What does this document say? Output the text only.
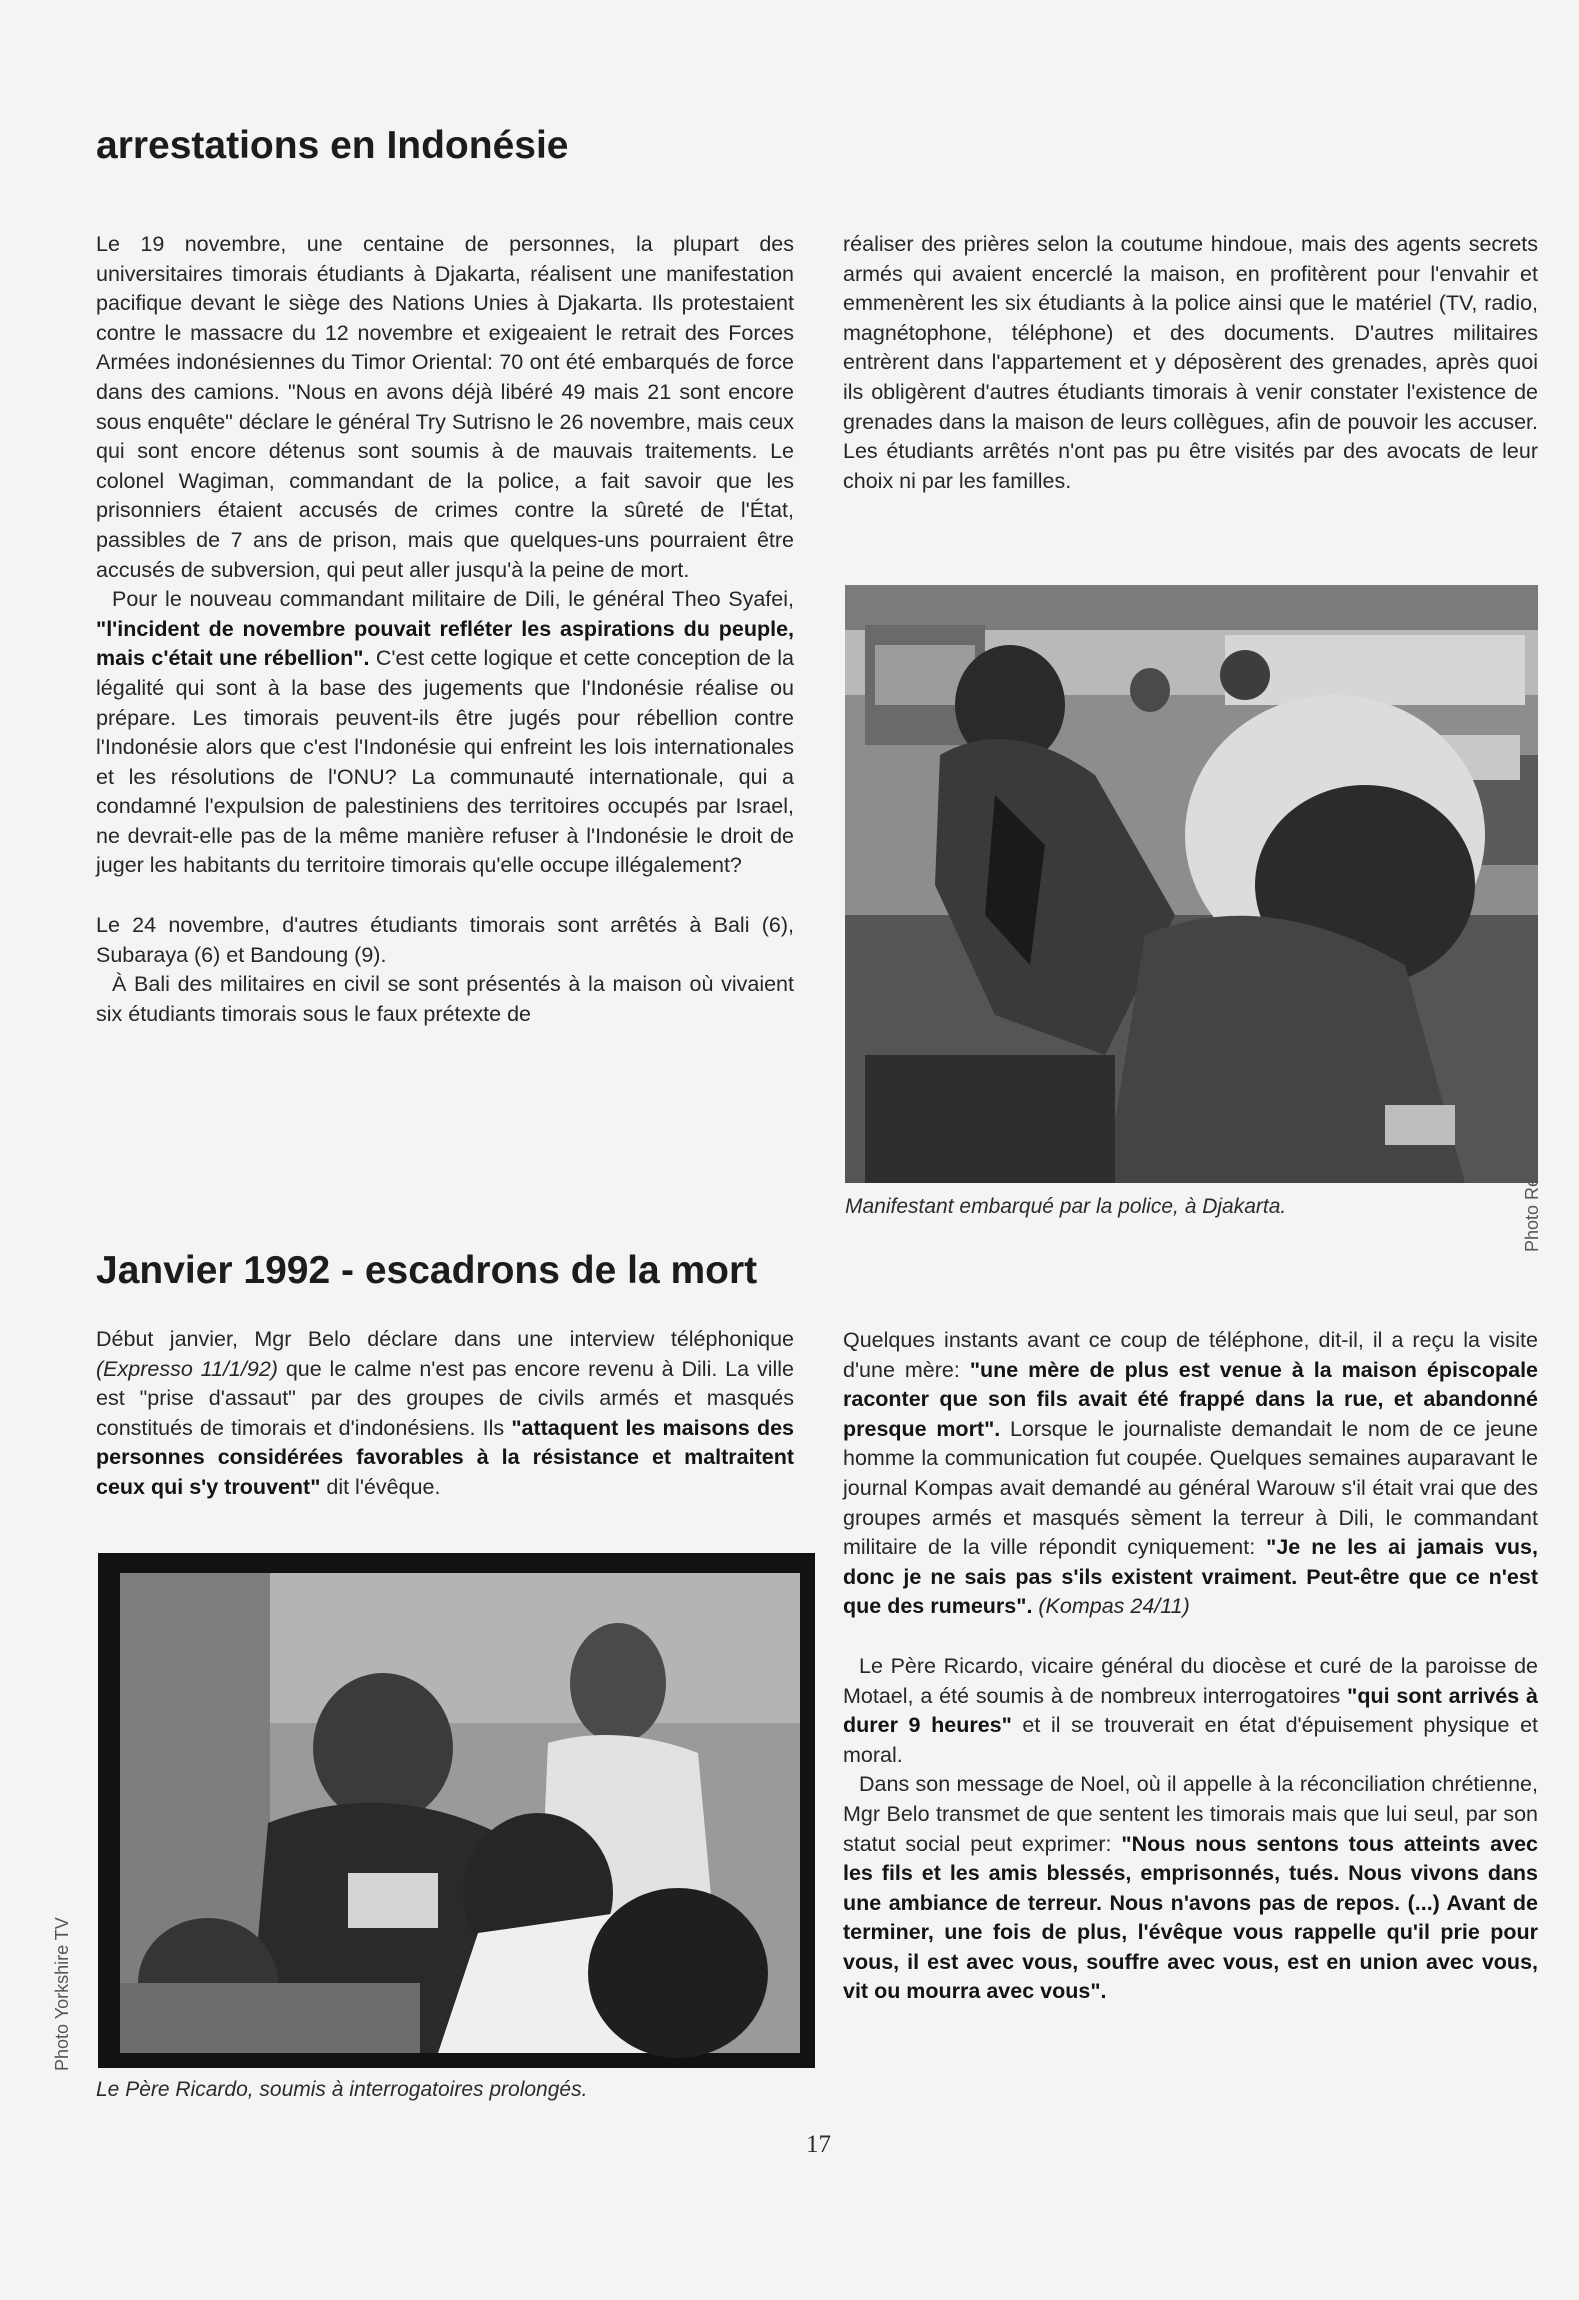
arrestations en Indonésie

Le 19 novembre, une centaine de personnes, la plupart des universitaires timorais étudiants à Djakarta, réalisent une manifestation pacifique devant le siège des Nations Unies à Djakarta. Ils protestaient contre le massacre du 12 novembre et exigeaient le retrait des Forces Armées indonésiennes du Timor Oriental: 70 ont été embarqués de force dans des camions. "Nous en avons déjà libéré 49 mais 21 sont encore sous enquête" déclare le général Try Sutrisno le 26 novembre, mais ceux qui sont encore détenus sont soumis à de mauvais traitements. Le colonel Wagiman, commandant de la police, a fait savoir que les prisonniers étaient accusés de crimes contre la sûreté de l'État, passibles de 7 ans de prison, mais que quelques-uns pourraient être accusés de subversion, qui peut aller jusqu'à la peine de mort.

Pour le nouveau commandant militaire de Dili, le général Theo Syafei, "l'incident de novembre pouvait refléter les aspirations du peuple, mais c'était une rébellion". C'est cette logique et cette conception de la légalité qui sont à la base des jugements que l'Indonésie réalise ou prépare. Les timorais peuvent-ils être jugés pour rébellion contre l'Indonésie alors que c'est l'Indonésie qui enfreint les lois internationales et les résolutions de l'ONU? La communauté internationale, qui a condamné l'expulsion de palestiniens des territoires occupés par Israel, ne devrait-elle pas de la même manière refuser à l'Indonésie le droit de juger les habitants du territoire timorais qu'elle occupe illégalement?

Le 24 novembre, d'autres étudiants timorais sont arrêtés à Bali (6), Subaraya (6) et Bandoung (9).

À Bali des militaires en civil se sont présentés à la maison où vivaient six étudiants timorais sous le faux prétexte de

réaliser des prières selon la coutume hindoue, mais des agents secrets armés qui avaient encerclé la maison, en profitèrent pour l'envahir et emmenèrent les six étudiants à la police ainsi que le matériel (TV, radio, magnétophone, téléphone) et des documents. D'autres militaires entrèrent dans l'appartement et y déposèrent des grenades, après quoi ils obligèrent d'autres étudiants timorais à venir constater l'existence de grenades dans la maison de leurs collègues, afin de pouvoir les accuser. Les étudiants arrêtés n'ont pas pu être visités par des avocats de leur choix ni par les familles.

Photo Reuter
Manifestant embarqué par la police, à Djakarta.
Janvier 1992 - escadrons de la mort

Début janvier, Mgr Belo déclare dans une interview téléphonique (Expresso 11/1/92) que le calme n'est pas encore revenu à Dili. La ville est "prise d'assaut" par des groupes de civils armés et masqués constitués de timorais et d'indonésiens. Ils "attaquent les maisons des personnes considérées favorables à la résistance et maltraitent ceux qui s'y trouvent" dit l'évêque.

Photo Yorkshire TV
Le Père Ricardo, soumis à interrogatoires prolongés.

Quelques instants avant ce coup de téléphone, dit-il, il a reçu la visite d'une mère: "une mère de plus est venue à la maison épiscopale raconter que son fils avait été frappé dans la rue, et abandonné presque mort". Lorsque le journaliste demandait le nom de ce jeune homme la communication fut coupée. Quelques semaines auparavant le journal Kompas avait demandé au général Warouw s'il était vrai que des groupes armés et masqués sèment la terreur à Dili, le commandant militaire de la ville répondit cyniquement: "Je ne les ai jamais vus, donc je ne sais pas s'ils existent vraiment. Peut-être que ce n'est que des rumeurs". (Kompas 24/11)

Le Père Ricardo, vicaire général du diocèse et curé de la paroisse de Motael, a été soumis à de nombreux interrogatoires "qui sont arrivés à durer 9 heures" et il se trouverait en état d'épuisement physique et moral.

Dans son message de Noel, où il appelle à la réconciliation chrétienne, Mgr Belo transmet de que sentent les timorais mais que lui seul, par son statut social peut exprimer: "Nous nous sentons tous atteints avec les fils et les amis blessés, emprisonnés, tués. Nous vivons dans une ambiance de terreur. Nous n'avons pas de repos. (...) Avant de terminer, une fois de plus, l'évêque vous rappelle qu'il prie pour vous, il est avec vous, souffre avec vous, est en union avec vous, vit ou mourra avec vous".

17
